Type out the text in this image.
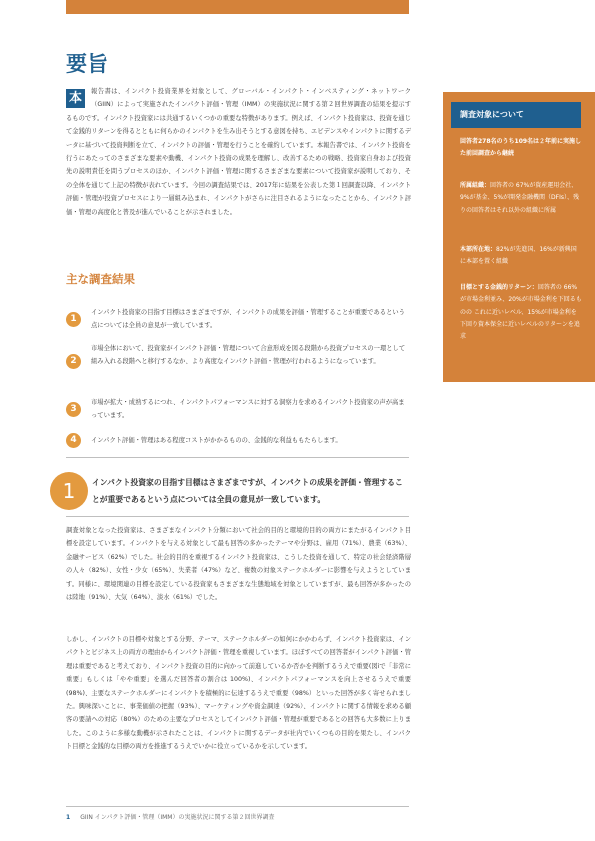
要旨

本	報告書は、インパクト投資業界を対象として、グローバル・インパクト・インベスティング・ネットワーク（GIIN）によって実施されたインパクト評価・管理（IMM）の実施状況に関する第２回世界調査の結果を提示するものです。インパクト投資家には共通するいくつかの重要な特徴があります。例えば、インパクト投資家は、投資を通じて金銭的リターンを得るとともに何らかのインパクトを生み出そうとする意図を持ち、エビデンスやインパクトに関するデータに基づいて投資判断を立て、インパクトの評価・管理を行うことを確約しています。本報告書では、インパクト投資を行うにあたってのさまざまな要素や動機、インパクト投資の成果を理解し、改善するための戦略、投資家自身および投資先の説明責任を問うプロセスのほか、インパクト評価・管理に関するさまざまな要素について投資家が説明しており、その全体を通じて上記の特徴が表れています。今回の調査結果では、2017年に結果を公表した第１回調査以降、インパクト評価・管理が投資プロセスにより一層組み込まれ、インパクトがさらに注目されるようになったことから、インパクト評価・管理の高度化と普及が進んでいることが示されました。

主な調査結果
1
インパクト投資家の目指す目標はさまざまですが、インパクトの成果を評価・管理することが重要であるという点については全員の意見が一致しています。
2
市場全体において、投資家がインパクト評価・管理について合意形成を図る段階から投資プロセスの一環として組み入れる段階へと移行するなか、より高度なインパクト評価・管理が行われるようになっています。
3
市場が拡大・成熟するにつれ、インパクトパフォーマンスに対する洞察力を求めるインパクト投資家の声が高まっています。
4	インパクト評価・管理はある程度コストがかかるものの、金銭的な利益ももたらします。
1	インパクト投資家の目指す目標はさまざまですが、インパクトの成果を評価・管理することが重要であるという点については全員の意見が一致しています。

調査対象となった投資家は、さまざまなインパクト分類において社会的目的と環境的目的の両方にまたがるインパクト目標を設定しています。インパクトを与える対象として最も回答の多かったテーマや分野は、雇用（71%）、農業（63%）、金融サービス（62%）でした。社会的目的を重視するインパクト投資家は、こうした投資を通して、特定の社会経済階層の人々（82%）、女性・少女（65%）、失業者（47%）など、複数の対象ステークホルダーに影響を与えようとしています。同様に、環境関連の目標を設定している投資家もさまざまな生態地域を対象としていますが、最も回答が多かったのは陸地（91%）、大気（64%）、淡水（61%）でした。

しかし、インパクトの目標や対象とする分野、テーマ、ステークホルダーの如何にかかわらず、インパクト投資家は、インパクトとビジネス上の両方の理由からインパクト評価・管理を重視しています。ほぼすべての回答者がインパクト評価・管理は重要であると考えており、インパクト投資の目的に向かって前進しているか否かを判断するうえで重要(図ⅰで「非常に重要」もしくは「やや重要」を選んだ回答者の割合は 100%)、インパクトパフォーマンスを向上させるうえで重要(98%)、主要なステークホルダーにインパクトを積極的に伝達するうえで重要（98%）といった回答が多く寄せられました。興味深いことに、事業価値の把握（93%）、マーケティングや資金調達（92%）、インパクトに関する情報を求める顧客の要請への対応（80%）のための主要なプロセスとしてインパクト評価・管理が重要であるとの回答も大多数に上りました。このように多様な動機が示されたことは、インパクトに関するデータが社内でいくつもの目的を果たし、インパクト目標と金銭的な目標の両方を推進するうえでいかに役立っているかを示しています。

調査対象について

回答者278名のうち109名は２年前に実施した前回調査から継続

所属組織：回答者の 67%が資産運用会社、9%が基金、5%が開発金融機関（DFIs）、残りの回答者はそれ以外の組織に所属

本部所在地：82%が先進国、16%が新興国に本部を置く組織

目標とする金銭的リターン：回答者の 66%が市場金利並み、20%が市場金利を下回るものの これに近いレベル、15%が市場金利を下回り資本保全に近いレベルのリターンを追求

1 GIIN インパクト評価・管理（IMM）の実施状況に関する第２回世界調査
